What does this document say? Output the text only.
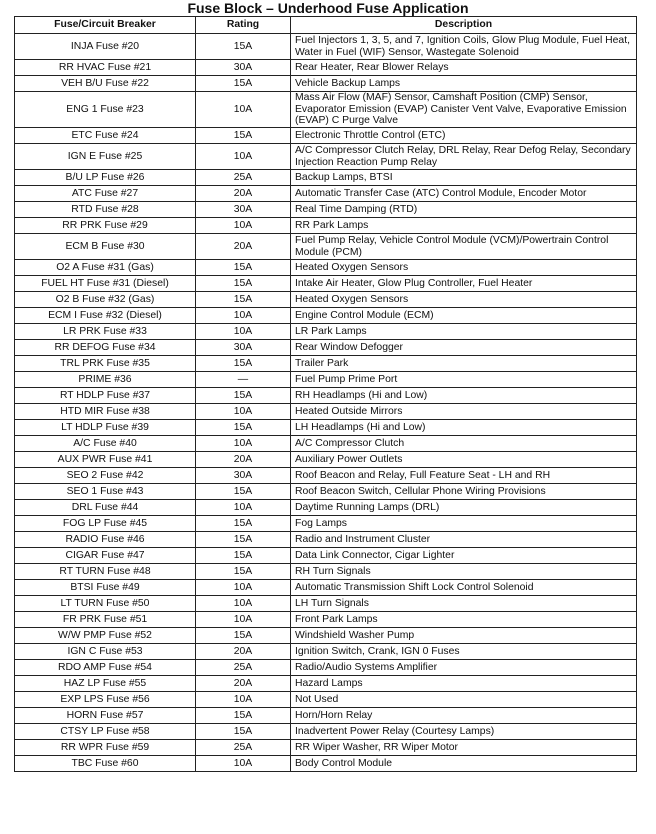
Fuse Block – Underhood Fuse Application
Fuse/Circuit Breaker	Rating	Description
INJA Fuse #20	15A	Fuel Injectors 1, 3, 5, and 7, Ignition Coils, Glow Plug Module, Fuel Heat, Water in Fuel (WIF) Sensor, Wastegate Solenoid
RR HVAC Fuse #21	30A	Rear Heater, Rear Blower Relays
VEH B/U Fuse #22	15A	Vehicle Backup Lamps
ENG 1 Fuse #23	10A	Mass Air Flow (MAF) Sensor, Camshaft Position (CMP) Sensor, Evaporator Emission (EVAP) Canister Vent Valve, Evaporative Emission (EVAP) C Purge Valve
ETC Fuse #24	15A	Electronic Throttle Control (ETC)
IGN E Fuse #25	10A	A/C Compressor Clutch Relay, DRL Relay, Rear Defog Relay, Secondary Injection Reaction Pump Relay
B/U LP Fuse #26	25A	Backup Lamps, BTSI
ATC Fuse #27	20A	Automatic Transfer Case (ATC) Control Module, Encoder Motor
RTD Fuse #28	30A	Real Time Damping (RTD)
RR PRK Fuse #29	10A	RR Park Lamps
ECM B Fuse #30	20A	Fuel Pump Relay, Vehicle Control Module (VCM)/Powertrain Control Module (PCM)
O2 A Fuse #31 (Gas)	15A	Heated Oxygen Sensors
FUEL HT Fuse #31 (Diesel)	15A	Intake Air Heater, Glow Plug Controller, Fuel Heater
O2 B Fuse #32 (Gas)	15A	Heated Oxygen Sensors
ECM I Fuse #32 (Diesel)	10A	Engine Control Module (ECM)
LR PRK Fuse #33	10A	LR Park Lamps
RR DEFOG Fuse #34	30A	Rear Window Defogger
TRL PRK Fuse #35	15A	Trailer Park
PRIME #36	—	Fuel Pump Prime Port
RT HDLP Fuse #37	15A	RH Headlamps (Hi and Low)
HTD MIR Fuse #38	10A	Heated Outside Mirrors
LT HDLP Fuse #39	15A	LH Headlamps (Hi and Low)
A/C Fuse #40	10A	A/C Compressor Clutch
AUX PWR Fuse #41	20A	Auxiliary Power Outlets
SEO 2 Fuse #42	30A	Roof Beacon and Relay, Full Feature Seat - LH and RH
SEO 1 Fuse #43	15A	Roof Beacon Switch, Cellular Phone Wiring Provisions
DRL Fuse #44	10A	Daytime Running Lamps (DRL)
FOG LP Fuse #45	15A	Fog Lamps
RADIO Fuse #46	15A	Radio and Instrument Cluster
CIGAR Fuse #47	15A	Data Link Connector, Cigar Lighter
RT TURN Fuse #48	15A	RH Turn Signals
BTSI Fuse #49	10A	Automatic Transmission Shift Lock Control Solenoid
LT TURN Fuse #50	10A	LH Turn Signals
FR PRK Fuse #51	10A	Front Park Lamps
W/W PMP Fuse #52	15A	Windshield Washer Pump
IGN C Fuse #53	20A	Ignition Switch, Crank, IGN 0 Fuses
RDO AMP Fuse #54	25A	Radio/Audio Systems Amplifier
HAZ LP Fuse #55	20A	Hazard Lamps
EXP LPS Fuse #56	10A	Not Used
HORN Fuse #57	15A	Horn/Horn Relay
CTSY LP Fuse #58	15A	Inadvertent Power Relay (Courtesy Lamps)
RR WPR Fuse #59	25A	RR Wiper Washer, RR Wiper Motor
TBC Fuse #60	10A	Body Control Module
